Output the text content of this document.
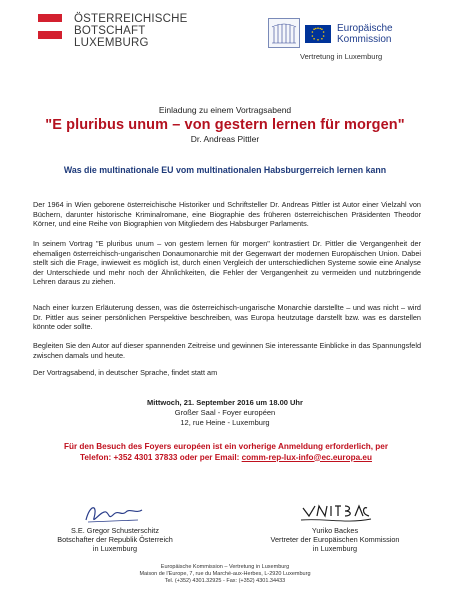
ÖSTERREICHISCHE
BOTSCHAFT
LUXEMBURG
Europäische
Kommission
Vertretung in Luxemburg
Einladung zu einem Vortragsabend
"E pluribus unum – von gestern lernen für morgen"
Dr. Andreas Pittler
Was die multinationale EU vom multinationalen Habsburgerreich lernen kann
Der 1964 in Wien geborene österreichische Historiker und Schriftsteller Dr. Andreas Pittler ist Autor einer Vielzahl von Büchern, darunter historische Kriminalromane, eine Biographie des früheren österreichischen Präsidenten Theodor Körner, und eine Reihe von Biographien von Mitgliedern des Habsburger Parlaments.
In seinem Vortrag "E pluribus unum – von gestern lernen für morgen" kontrastiert Dr. Pittler die Vergangenheit der ehemaligen österreichisch-ungarischen Donaumonarchie mit der Gegenwart der modernen Europäischen Union. Dabei stellt sich die Frage, inwieweit es möglich ist, durch einen Vergleich der unterschiedlichen Systeme sowie eine Analyse der Unterschiede und mehr noch der Ähnlichkeiten, die Fehler der Vergangenheit zu vermeiden und nutzbringende Lehren daraus zu ziehen.
Nach einer kurzen Erläuterung dessen, was die österreichisch-ungarische Monarchie darstellte – und was nicht – wird Dr. Pittler aus seiner persönlichen Perspektive beschreiben, was Europa heutzutage darstellt bzw. was es darstellen könnte oder sollte.
Begleiten Sie den Autor auf dieser spannenden Zeitreise und gewinnen Sie interessante Einblicke in das Spannungsfeld zwischen damals und heute.
Der Vortragsabend, in deutscher Sprache, findet statt am
Mittwoch, 21. September 2016 um 18.00 Uhr
Großer Saal - Foyer européen
12, rue Heine - Luxemburg
Für den Besuch des Foyers européen ist ein vorherige Anmeldung erforderlich, per
Telefon: +352 4301 37833 oder per Email: comm-rep-lux-info@ec.europa.eu
S.E. Gregor Schusterschitz
Botschafter der Republik Österreich
in Luxemburg
Yuriko Backes
Vertreter der Europäischen Kommission
in Luxemburg
Europäische Kommission – Vertretung in Luxemburg
Maison de l'Europe, 7, rue du Marché-aux-Herbes, L-2920 Luxemburg
Tel. (+352) 4301.32925 - Fax: (+352) 4301.34433
